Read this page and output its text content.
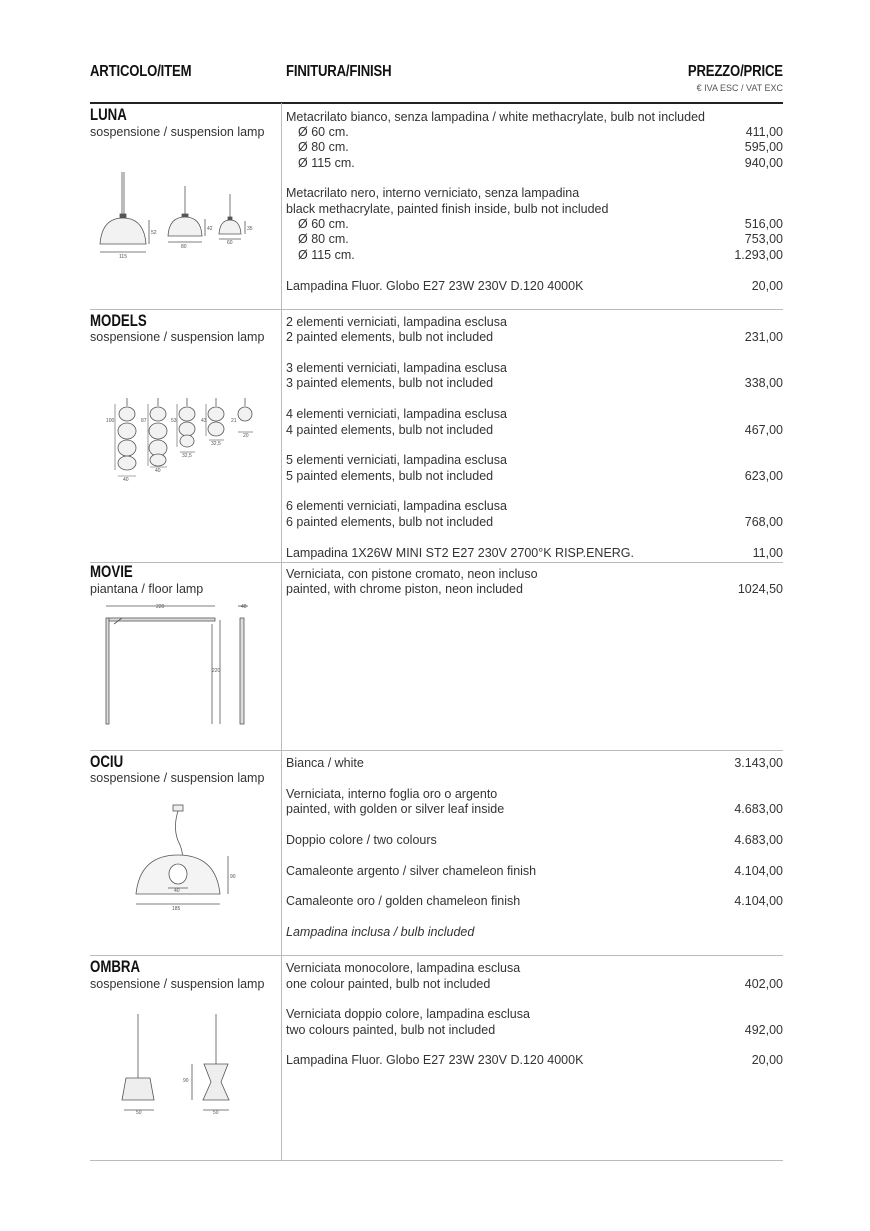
ARTICOLO/ITEM	FINITURA/FINISH	PREZZO/PRICE
€ IVA ESC / VAT EXC
LUNA
sospensione / suspension lamp
115
80
60
52
42	35
Metacrilato bianco, senza lampadina / white methacrylate, bulb not included
Ø 60 cm.	411,00
Ø 80 cm.	595,00
Ø 115 cm.	940,00
Metacrilato nero, interno verniciato, senza lampadina
black methacrylate, painted finish inside, bulb not included
Ø 60 cm.	516,00
Ø 80 cm.	753,00
Ø 115 cm.	1.293,00
Lampadina Fluor. Globo E27 23W 230V D.120 4000K	20,00
MODELS
sospensione / suspension lamp
100	87	53	43	21
40
40
32,5
32,5
20
2 elementi verniciati, lampadina esclusa
2 painted elements, bulb not included	231,00
3 elementi verniciati, lampadina esclusa
3 painted elements, bulb not included	338,00
4 elementi verniciati, lampadina esclusa
4 painted elements, bulb not included	467,00
5 elementi verniciati, lampadina esclusa
5 painted elements, bulb not included	623,00
6 elementi verniciati, lampadina esclusa
6 painted elements, bulb not included	768,00
Lampadina 1X26W MINI ST2 E27 230V 2700°K RISP.ENERG.	11,00
MOVIE
piantana / floor lamp
220
220
48
Verniciata, con pistone cromato, neon incluso
painted, with chrome piston, neon included	1024,50
OCIU
sospensione / suspension lamp
40
90
185
Bianca / white	3.143,00
Verniciata, interno foglia oro o argento
painted, with golden or silver leaf inside	4.683,00
Doppio colore / two colours	4.683,00
Camaleonte argento / silver chameleon finish	4.104,00
Camaleonte oro / golden chameleon finish	4.104,00
Lampadina inclusa / bulb included
OMBRA
sospensione / suspension lamp
90
50	50
Verniciata monocolore, lampadina esclusa
one colour painted, bulb not included	402,00
Verniciata doppio colore, lampadina esclusa
two colours painted, bulb not included	492,00
Lampadina Fluor. Globo E27 23W 230V D.120 4000K	20,00
